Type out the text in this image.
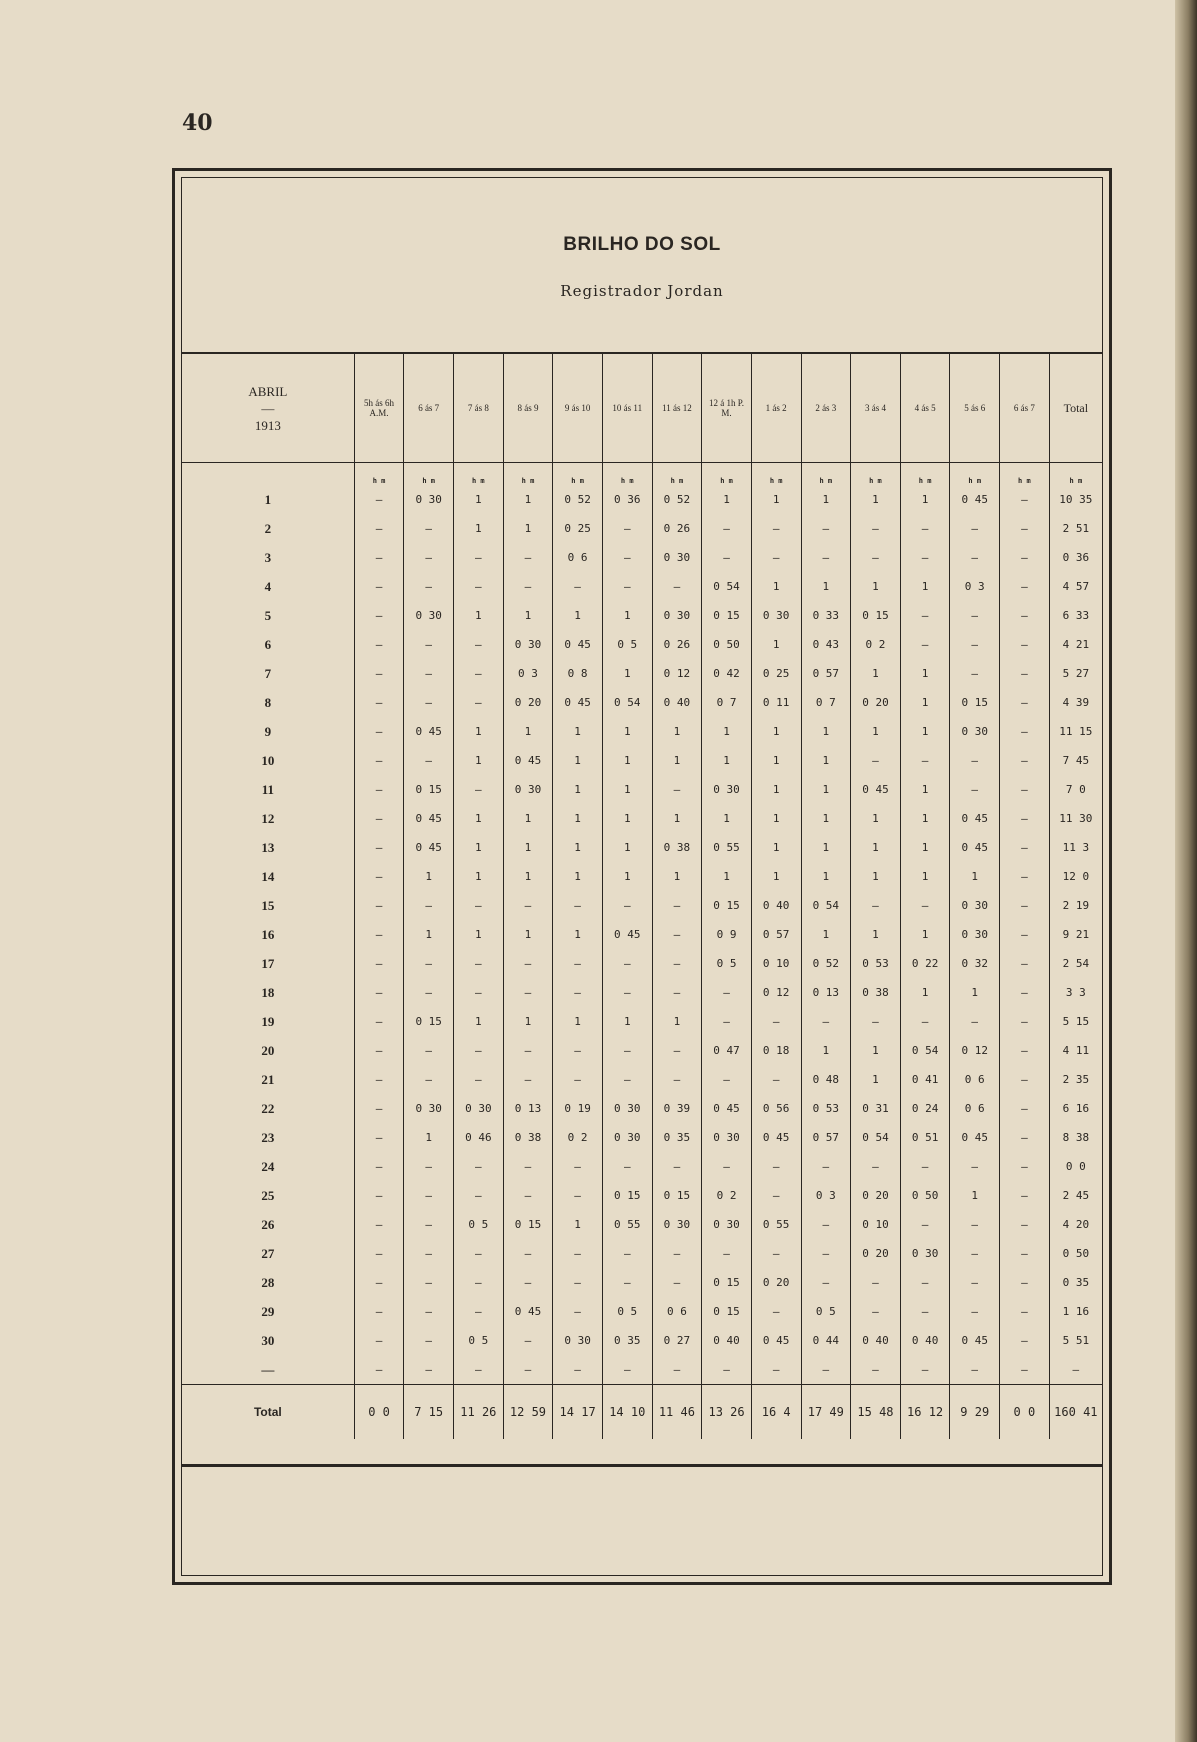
40
BRILHO DO SOL
Registrador Jordan
ABRIL
—
1913	5h ás 6h A.M.	6 ás 7	7 ás 8	8 ás 9	9 ás 10	10 ás 11	11 ás 12	12 á 1h P. M.	1 ás 2	2 ás 3	3 ás 4	4 ás 5	5 ás 6	6 ás 7	Total
	h m	h m	h m	h m	h m	h m	h m	h m	h m	h m	h m	h m	h m	h m	h m
1	—	0 30	1	1	0 52	0 36	0 52	1	1	1	1	1	0 45	—	10 35
2	—	—	1	1	0 25	—	0 26	—	—	—	—	—	—	—	2 51
3	—	—	—	—	0 6	—	0 30	—	—	—	—	—	—	—	0 36
4	—	—	—	—	—	—	—	0 54	1	1	1	1	0 3	—	4 57
5	—	0 30	1	1	1	1	0 30	0 15	0 30	0 33	0 15	—	—	—	6 33
6	—	—	—	0 30	0 45	0 5	0 26	0 50	1	0 43	0 2	—	—	—	4 21
7	—	—	—	0 3	0 8	1	0 12	0 42	0 25	0 57	1	1	—	—	5 27
8	—	—	—	0 20	0 45	0 54	0 40	0 7	0 11	0 7	0 20	1	0 15	—	4 39
9	—	0 45	1	1	1	1	1	1	1	1	1	1	0 30	—	11 15
10	—	—	1	0 45	1	1	1	1	1	1	—	—	—	—	7 45
11	—	0 15	—	0 30	1	1	—	0 30	1	1	0 45	1	—	—	7 0
12	—	0 45	1	1	1	1	1	1	1	1	1	1	0 45	—	11 30
13	—	0 45	1	1	1	1	0 38	0 55	1	1	1	1	0 45	—	11 3
14	—	1	1	1	1	1	1	1	1	1	1	1	1	—	12 0
15	—	—	—	—	—	—	—	0 15	0 40	0 54	—	—	0 30	—	2 19
16	—	1	1	1	1	0 45	—	0 9	0 57	1	1	1	0 30	—	9 21
17	—	—	—	—	—	—	—	0 5	0 10	0 52	0 53	0 22	0 32	—	2 54
18	—	—	—	—	—	—	—	—	0 12	0 13	0 38	1	1	—	3 3
19	—	0 15	1	1	1	1	1	—	—	—	—	—	—	—	5 15
20	—	—	—	—	—	—	—	0 47	0 18	1	1	0 54	0 12	—	4 11
21	—	—	—	—	—	—	—	—	—	0 48	1	0 41	0 6	—	2 35
22	—	0 30	0 30	0 13	0 19	0 30	0 39	0 45	0 56	0 53	0 31	0 24	0 6	—	6 16
23	—	1	0 46	0 38	0 2	0 30	0 35	0 30	0 45	0 57	0 54	0 51	0 45	—	8 38
24	—	—	—	—	—	—	—	—	—	—	—	—	—	—	0 0
25	—	—	—	—	—	0 15	0 15	0 2	—	0 3	0 20	0 50	1	—	2 45
26	—	—	0 5	0 15	1	0 55	0 30	0 30	0 55	—	0 10	—	—	—	4 20
27	—	—	—	—	—	—	—	—	—	—	0 20	0 30	—	—	0 50
28	—	—	—	—	—	—	—	0 15	0 20	—	—	—	—	—	0 35
29	—	—	—	0 45	—	0 5	0 6	0 15	—	0 5	—	—	—	—	1 16
30	—	—	0 5	—	0 30	0 35	0 27	0 40	0 45	0 44	0 40	0 40	0 45	—	5 51
—	—	—	—	—	—	—	—	—	—	—	—	—	—	—	—
Total	0 0	7 15	11 26	12 59	14 17	14 10	11 46	13 26	16 4	17 49	15 48	16 12	9 29	0 0	160 41
